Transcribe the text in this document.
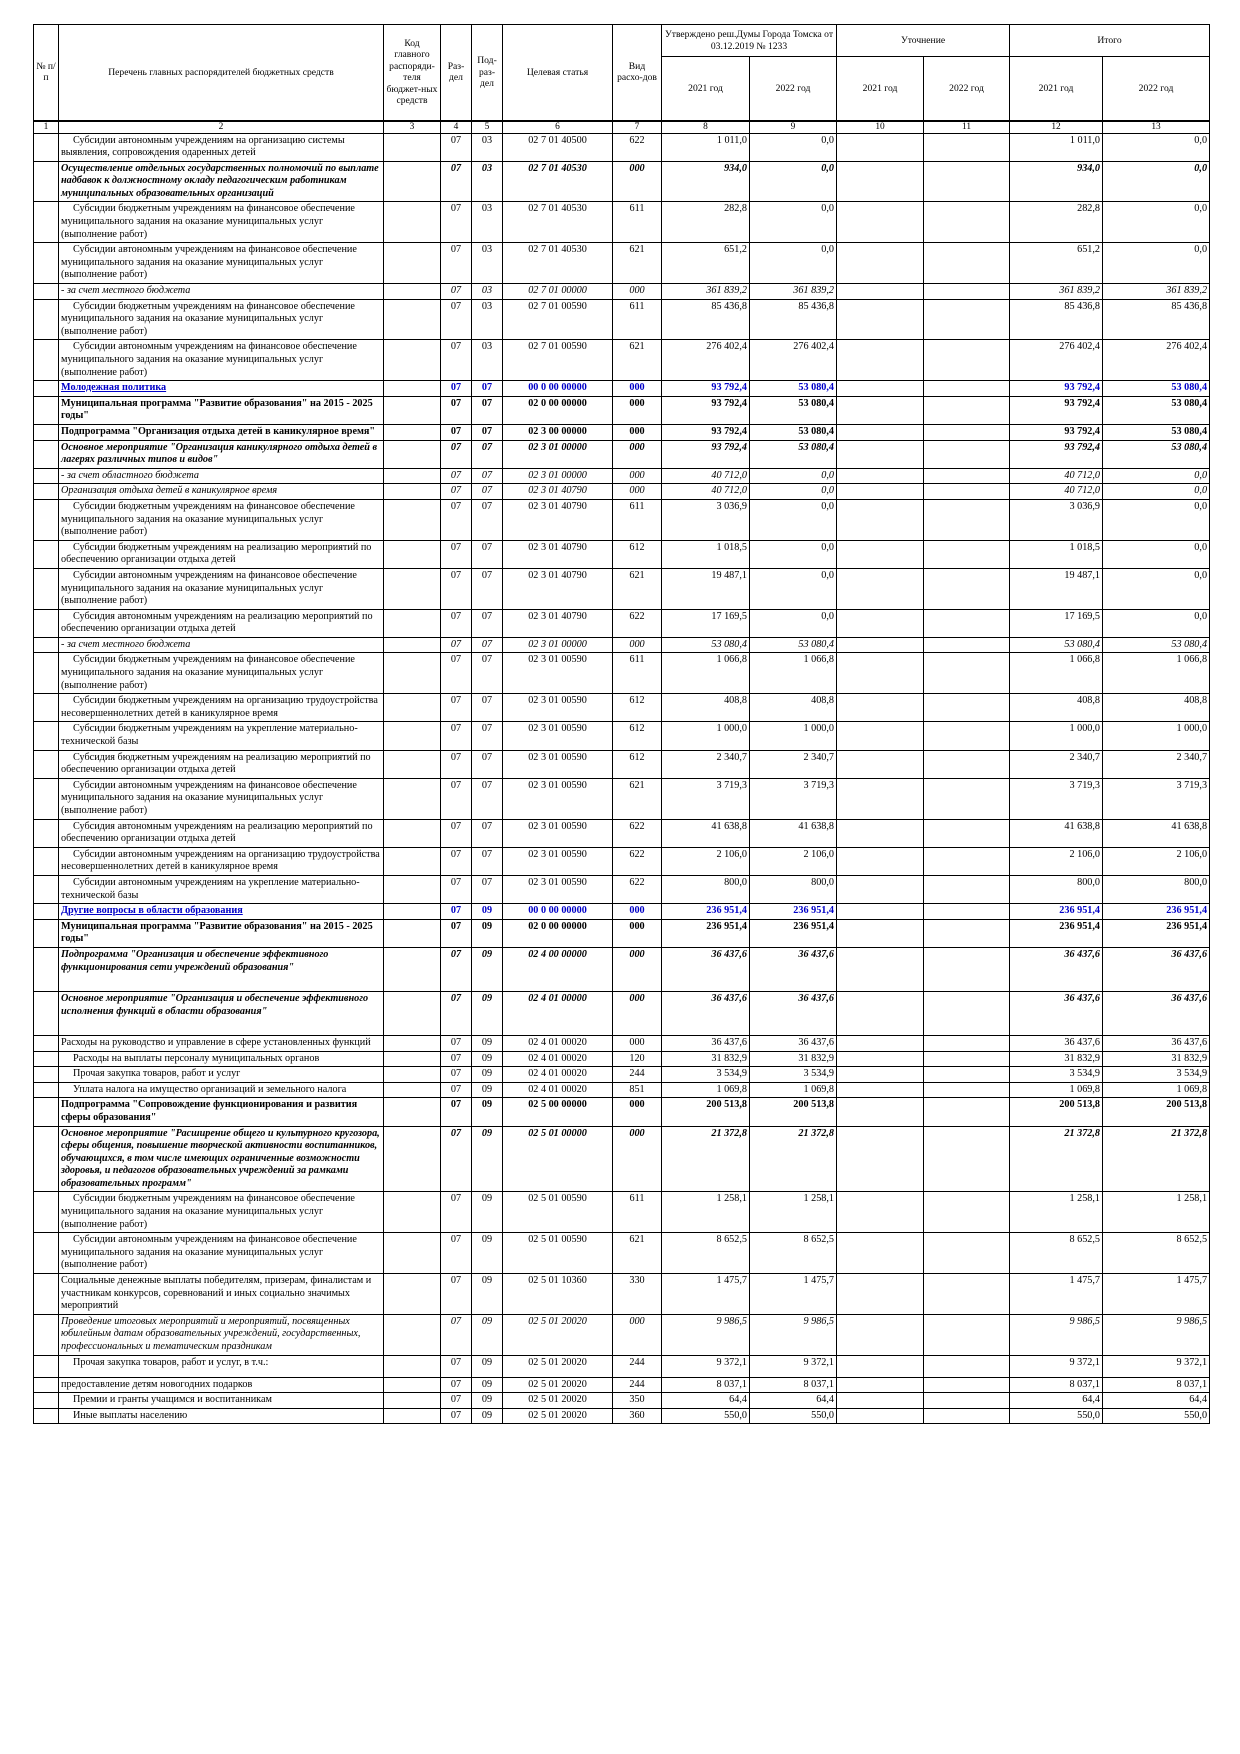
№ п/п	Перечень главных распорядителей бюджетных средств	Код главного распоряди-теля бюджет-ных средств	Раз-дел	Под-раз-дел	Целевая статья	Вид расхо-дов	Утверждено реш.Думы Города Томска от 03.12.2019 № 1233		Уточнение		Итого	
							2021 год	2022 год	2021 год	2022 год	2021 год	2022 год
1	2	3	4	5	6	7	8	9	10	11	12	13
	Субсидии автономным учреждениям на организацию системы выявления, сопровождения одаренных детей		07	03	02 7 01 40500	622	1 011,0	0,0			1 011,0	0,0
	Осуществление отдельных государственных полномочий по выплате надбавок к должностному окладу педагогическим работникам муниципальных образовательных организаций		07	03	02 7 01 40530	000	934,0	0,0			934,0	0,0
	Субсидии бюджетным учреждениям на финансовое обеспечение муниципального задания на оказание муниципальных услуг (выполнение работ)		07	03	02 7 01 40530	611	282,8	0,0			282,8	0,0
	Субсидии автономным учреждениям на финансовое обеспечение муниципального задания на оказание муниципальных услуг (выполнение работ)		07	03	02 7 01 40530	621	651,2	0,0			651,2	0,0
	- за счет местного бюджета		07	03	02 7 01 00000	000	361 839,2	361 839,2			361 839,2	361 839,2
	Субсидии бюджетным учреждениям на финансовое обеспечение муниципального задания на оказание муниципальных услуг (выполнение работ)		07	03	02 7 01 00590	611	85 436,8	85 436,8			85 436,8	85 436,8
	Субсидии автономным учреждениям на финансовое обеспечение муниципального задания на оказание муниципальных услуг (выполнение работ)		07	03	02 7 01 00590	621	276 402,4	276 402,4			276 402,4	276 402,4
	Молодежная политика		07	07	00 0 00 00000	000	93 792,4	53 080,4			93 792,4	53 080,4
	Муниципальная программа "Развитие образования" на 2015 - 2025 годы"		07	07	02 0 00 00000	000	93 792,4	53 080,4			93 792,4	53 080,4
	Подпрограмма "Организация отдыха детей в каникулярное время"		07	07	02 3 00 00000	000	93 792,4	53 080,4			93 792,4	53 080,4
	Основное мероприятие "Организация каникулярного отдыха детей в лагерях различных типов и видов"		07	07	02 3 01 00000	000	93 792,4	53 080,4			93 792,4	53 080,4
	- за счет областного бюджета		07	07	02 3 01 00000	000	40 712,0	0,0			40 712,0	0,0
	Организация отдыха детей в каникулярное время		07	07	02 3 01 40790	000	40 712,0	0,0			40 712,0	0,0
	Субсидии бюджетным учреждениям на финансовое обеспечение муниципального задания на оказание муниципальных услуг (выполнение работ)		07	07	02 3 01 40790	611	3 036,9	0,0			3 036,9	0,0
	Субсидии бюджетным учреждениям на реализацию мероприятий по обеспечению организации отдыха детей		07	07	02 3 01 40790	612	1 018,5	0,0			1 018,5	0,0
	Субсидии автономным учреждениям на финансовое обеспечение муниципального задания на оказание муниципальных услуг (выполнение работ)		07	07	02 3 01 40790	621	19 487,1	0,0			19 487,1	0,0
	Субсидия автономным учреждениям на реализацию мероприятий по обеспечению организации отдыха детей		07	07	02 3 01 40790	622	17 169,5	0,0			17 169,5	0,0
	- за счет местного бюджета		07	07	02 3 01 00000	000	53 080,4	53 080,4			53 080,4	53 080,4
	Субсидии бюджетным учреждениям на финансовое обеспечение муниципального задания на оказание муниципальных услуг (выполнение работ)		07	07	02 3 01 00590	611	1 066,8	1 066,8			1 066,8	1 066,8
	Субсидии бюджетным учреждениям на организацию трудоустройства несовершеннолетних детей в каникулярное время		07	07	02 3 01 00590	612	408,8	408,8			408,8	408,8
	Субсидии бюджетным учреждениям на укрепление материально-технической базы		07	07	02 3 01 00590	612	1 000,0	1 000,0			1 000,0	1 000,0
	Субсидия бюджетным учреждениям на реализацию мероприятий по обеспечению организации отдыха детей		07	07	02 3 01 00590	612	2 340,7	2 340,7			2 340,7	2 340,7
	Субсидии автономным учреждениям на финансовое обеспечение муниципального задания на оказание муниципальных услуг (выполнение работ)		07	07	02 3 01 00590	621	3 719,3	3 719,3			3 719,3	3 719,3
	Субсидия автономным учреждениям на реализацию мероприятий по обеспечению организации отдыха детей		07	07	02 3 01 00590	622	41 638,8	41 638,8			41 638,8	41 638,8
	Субсидии автономным учреждениям на организацию трудоустройства несовершеннолетних детей в каникулярное время		07	07	02 3 01 00590	622	2 106,0	2 106,0			2 106,0	2 106,0
	Субсидии автономным учреждениям на укрепление материально-технической базы		07	07	02 3 01 00590	622	800,0	800,0			800,0	800,0
	Другие вопросы в области образования		07	09	00 0 00 00000	000	236 951,4	236 951,4			236 951,4	236 951,4
	Муниципальная программа "Развитие образования" на 2015 - 2025 годы"		07	09	02 0 00 00000	000	236 951,4	236 951,4			236 951,4	236 951,4
	Подпрограмма "Организация и обеспечение эффективного функционирования сети учреждений образования"		07	09	02 4 00 00000	000	36 437,6	36 437,6			36 437,6	36 437,6
	Основное мероприятие "Организация и обеспечение эффективного исполнения функций в области образования"		07	09	02 4 01 00000	000	36 437,6	36 437,6			36 437,6	36 437,6
	Расходы на руководство и управление в сфере установленных функций		07	09	02 4 01 00020	000	36 437,6	36 437,6			36 437,6	36 437,6
	Расходы на выплаты персоналу муниципальных органов		07	09	02 4 01 00020	120	31 832,9	31 832,9			31 832,9	31 832,9
	Прочая закупка товаров, работ и услуг		07	09	02 4 01 00020	244	3 534,9	3 534,9			3 534,9	3 534,9
	Уплата налога на имущество организаций и земельного налога		07	09	02 4 01 00020	851	1 069,8	1 069,8			1 069,8	1 069,8
	Подпрограмма "Сопровождение функционирования и развития сферы образования"		07	09	02 5 00 00000	000	200 513,8	200 513,8			200 513,8	200 513,8
	Основное мероприятие "Расширение общего и культурного кругозора, сферы общения, повышение творческой активности воспитанников, обучающихся, в том числе имеющих ограниченные возможности здоровья, и педагогов образовательных учреждений за рамками образовательных программ"		07	09	02 5 01 00000	000	21 372,8	21 372,8			21 372,8	21 372,8
	Субсидии бюджетным учреждениям на финансовое обеспечение муниципального задания на оказание муниципальных услуг (выполнение работ)		07	09	02 5 01 00590	611	1 258,1	1 258,1			1 258,1	1 258,1
	Субсидии автономным учреждениям на финансовое обеспечение муниципального задания на оказание муниципальных услуг (выполнение работ)		07	09	02 5 01 00590	621	8 652,5	8 652,5			8 652,5	8 652,5
	Социальные денежные выплаты победителям, призерам, финалистам и участникам конкурсов, соревнований и иных социально значимых мероприятий		07	09	02 5 01 10360	330	1 475,7	1 475,7			1 475,7	1 475,7
	Проведение итоговых мероприятий и мероприятий, посвященных юбилейным датам образовательных учреждений, государственных, профессиональных и тематическим праздникам		07	09	02 5 01 20020	000	9 986,5	9 986,5			9 986,5	9 986,5
	Прочая закупка товаров, работ и услуг, в т.ч.:		07	09	02 5 01 20020	244	9 372,1	9 372,1			9 372,1	9 372,1
	предоставление детям новогодних подарков		07	09	02 5 01 20020	244	8 037,1	8 037,1			8 037,1	8 037,1
	Премии и гранты учащимся и воспитанникам		07	09	02 5 01 20020	350	64,4	64,4			64,4	64,4
	Иные выплаты населению		07	09	02 5 01 20020	360	550,0	550,0			550,0	550,0
